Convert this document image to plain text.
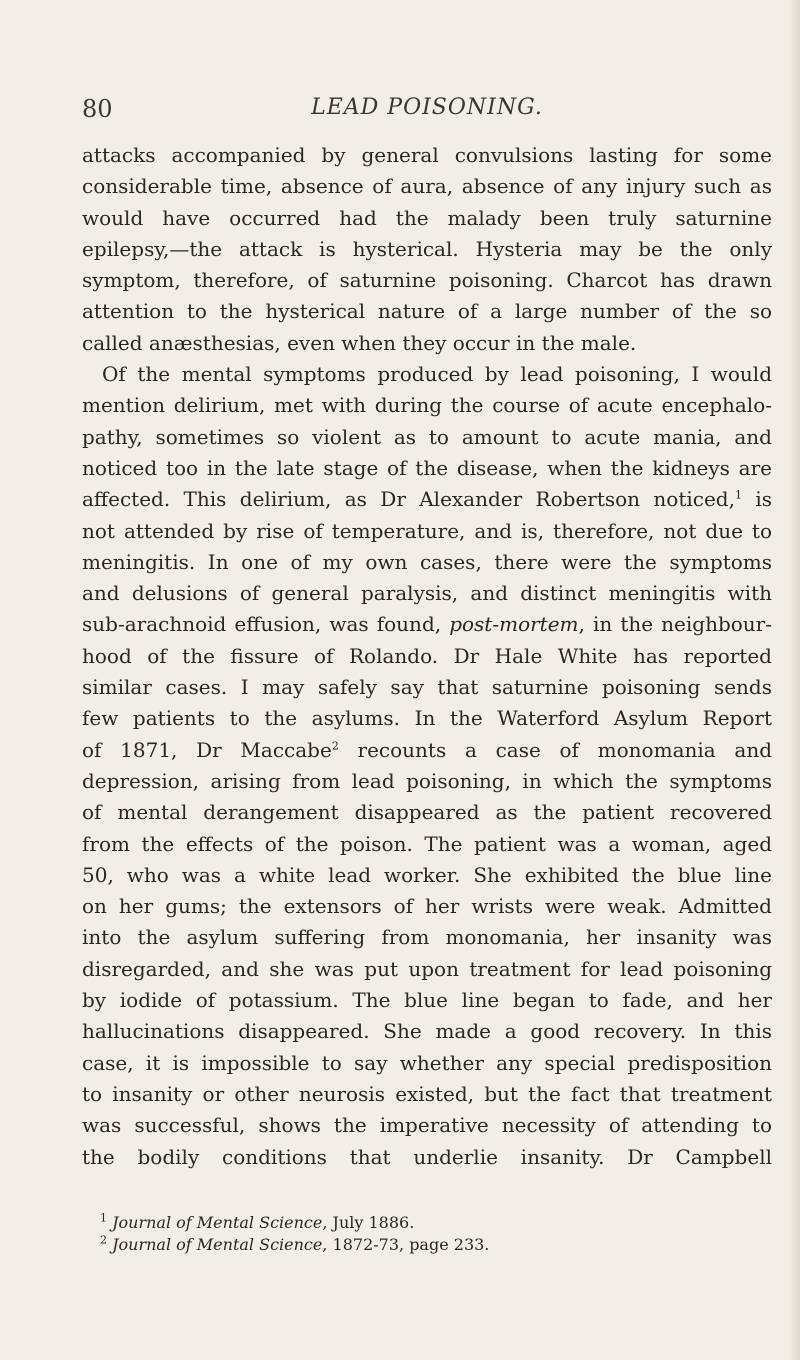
80	LEAD POISONING.

attacks accompanied by general convulsions lasting for some
considerable time, absence of aura, absence of any injury such as
would have occurred had the malady been truly saturnine
epilepsy,—the attack is hysterical. Hysteria may be the only
symptom, therefore, of saturnine poisoning. Charcot has drawn
attention to the hysterical nature of a large number of the so
called anæsthesias, even when they occur in the male.

Of the mental symptoms produced by lead poisoning, I would
mention delirium, met with during the course of acute encephalo-
pathy, sometimes so violent as to amount to acute mania, and
noticed too in the late stage of the disease, when the kidneys are
affected. This delirium, as Dr Alexander Robertson noticed,$^1$ is
not attended by rise of temperature, and is, therefore, not due to
meningitis. In one of my own cases, there were the symptoms
and delusions of general paralysis, and distinct meningitis with
sub-arachnoid effusion, was found, post-mortem, in the neighbour-
hood of the fissure of Rolando. Dr Hale White has reported
similar cases. I may safely say that saturnine poisoning sends
few patients to the asylums. In the Waterford Asylum Report
of 1871, Dr Maccabe$^2$ recounts a case of monomania and
depression, arising from lead poisoning, in which the symptoms
of mental derangement disappeared as the patient recovered
from the effects of the poison. The patient was a woman, aged
50, who was a white lead worker. She exhibited the blue line
on her gums; the extensors of her wrists were weak. Admitted
into the asylum suffering from monomania, her insanity was
disregarded, and she was put upon treatment for lead poisoning
by iodide of potassium. The blue line began to fade, and her
hallucinations disappeared. She made a good recovery. In this
case, it is impossible to say whether any special predisposition
to insanity or other neurosis existed, but the fact that treatment
was successful, shows the imperative necessity of attending to
the bodily conditions that underlie insanity. Dr Campbell

$^1$ Journal of Mental Science, July 1886.
$^2$ Journal of Mental Science, 1872-73, page 233.
